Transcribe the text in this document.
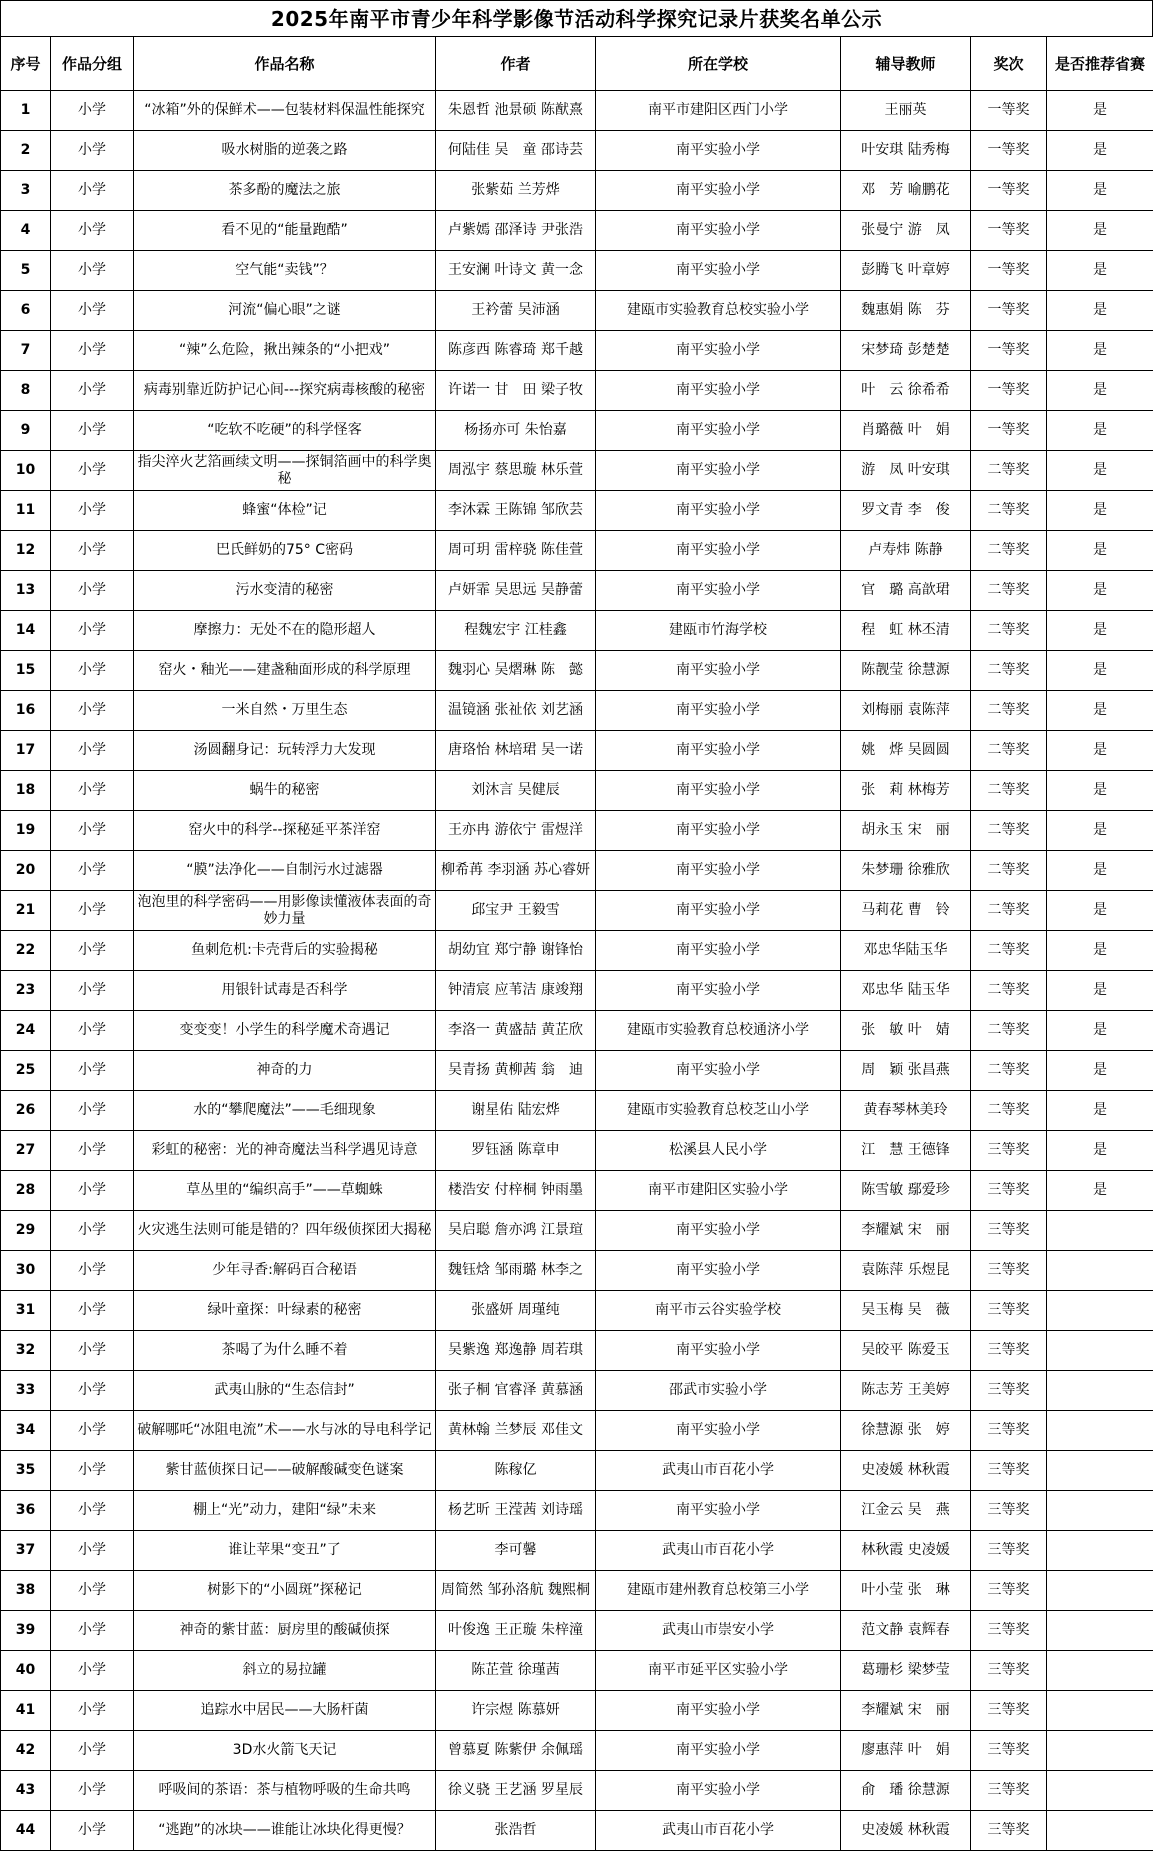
2025年南平市青少年科学影像节活动科学探究记录片获奖名单公示
序号	作品分组	作品名称	作者	所在学校	辅导教师	奖次	是否推荐省赛
1	小学	“冰箱”外的保鲜术——包装材料保温性能探究	朱恩哲 池景硕 陈猷熹	南平市建阳区西门小学	王丽英	一等奖	是
2	小学	吸水树脂的逆袭之路	何陆佳 吴　童 邵诗芸	南平实验小学	叶安琪 陆秀梅	一等奖	是
3	小学	茶多酚的魔法之旅	张紫茹 兰芳烨	南平实验小学	邓　芳 喻鹏花	一等奖	是
4	小学	看不见的“能量跑酷”	卢紫嫣 邵泽诗 尹张浩	南平实验小学	张曼宁 游　凤	一等奖	是
5	小学	空气能“卖钱”？	王安澜 叶诗文 黄一念	南平实验小学	彭腾飞 叶章婷	一等奖	是
6	小学	河流“偏心眼”之谜	王衿蕾 吴沛涵	建瓯市实验教育总校实验小学	魏惠娟 陈　芬	一等奖	是
7	小学	“辣”么危险，揪出辣条的“小把戏”	陈彦西 陈睿琦 郑千越	南平实验小学	宋梦琦 彭楚楚	一等奖	是
8	小学	病毒别靠近防护记心间---探究病毒核酸的秘密	许诺一 甘　田 梁子牧	南平实验小学	叶　云 徐希希	一等奖	是
9	小学	“吃软不吃硬”的科学怪客	杨扬亦可 朱怡嘉	南平实验小学	肖璐薇 叶　娟	一等奖	是
10	小学	指尖淬火艺箔画续文明——探铜箔画中的科学奥秘	周泓宇 蔡思璇 林乐萱	南平实验小学	游　凤 叶安琪	二等奖	是
11	小学	蜂蜜“体检”记	李沐霖 王陈锦 邹欣芸	南平实验小学	罗文青 李　俊	二等奖	是
12	小学	巴氏鲜奶的75° C密码	周可玥 雷梓骁 陈佳萱	南平实验小学	卢寿炜 陈静	二等奖	是
13	小学	污水变清的秘密	卢妍霏 吴思远 吴静蕾	南平实验小学	官　璐 高歆珺	二等奖	是
14	小学	摩擦力：无处不在的隐形超人	程魏宏宇 江桂鑫	建瓯市竹海学校	程　虹 林丕清	二等奖	是
15	小学	窑火・釉光——建盏釉面形成的科学原理	魏羽心 吴熠琳 陈　懿	南平实验小学	陈靓莹 徐慧源	二等奖	是
16	小学	一米自然・万里生态	温镜涵 张祉依 刘艺涵	南平实验小学	刘梅丽 袁陈萍	二等奖	是
17	小学	汤圆翻身记：玩转浮力大发现	唐珞怡 林培珺 吴一诺	南平实验小学	姚　烨 吴圆圆	二等奖	是
18	小学	蜗牛的秘密	刘沐言 吴健辰	南平实验小学	张　莉 林梅芳	二等奖	是
19	小学	窑火中的科学--探秘延平茶洋窑	王亦冉 游依宁 雷煜洋	南平实验小学	胡永玉 宋　丽	二等奖	是
20	小学	“膜”法净化——自制污水过滤器	柳希苒 李羽涵 苏心睿妍	南平实验小学	朱梦珊 徐雅欣	二等奖	是
21	小学	泡泡里的科学密码——用影像读懂液体表面的奇妙力量	邱宝尹 王毅雪	南平实验小学	马莉花 曹　铃	二等奖	是
22	小学	鱼刺危机:卡壳背后的实验揭秘	胡幼宜 郑宁静 谢锋怡	南平实验小学	邓忠华陆玉华	二等奖	是
23	小学	用银针试毒是否科学	钟清宸 应苇洁 康竣翔	南平实验小学	邓忠华 陆玉华	二等奖	是
24	小学	变变变！小学生的科学魔术奇遇记	李洛一 黄盛喆 黄芷欣	建瓯市实验教育总校通济小学	张　敏 叶　婧	二等奖	是
25	小学	神奇的力	吴青扬 黄柳茜 翁　迪	南平实验小学	周　颖 张昌燕	二等奖	是
26	小学	水的“攀爬魔法”——毛细现象	谢星佑 陆宏烨	建瓯市实验教育总校芝山小学	黄春琴林美玲	二等奖	是
27	小学	彩虹的秘密：光的神奇魔法当科学遇见诗意	罗钰涵 陈章申	松溪县人民小学	江　慧 王德锋	三等奖	是
28	小学	草丛里的“编织高手”——草蜘蛛	楼浩安 付梓桐 钟雨墨	南平市建阳区实验小学	陈雪敏 鄢爱珍	三等奖	是
29	小学	火灾逃生法则可能是错的？四年级侦探团大揭秘	吴启聪 詹亦鸿 江景瑄	南平实验小学	李耀斌 宋　丽	三等奖	
30	小学	少年寻香:解码百合秘语	魏钰焓 邹雨璐 林李之	南平实验小学	袁陈萍 乐煜昆	三等奖	
31	小学	绿叶童探：叶绿素的秘密	张盛妍 周瑾纯	南平市云谷实验学校	吴玉梅 吴　薇	三等奖	
32	小学	茶喝了为什么睡不着	吴紫逸 郑逸静 周若琪	南平实验小学	吴皎平 陈爱玉	三等奖	
33	小学	武夷山脉的“生态信封”	张子桐 官睿泽 黄慕涵	邵武市实验小学	陈志芳 王美婷	三等奖	
34	小学	破解哪吒“冰阻电流”术——水与冰的导电科学记	黄林翰 兰梦辰 邓佳文	南平实验小学	徐慧源 张　婷	三等奖	
35	小学	紫甘蓝侦探日记——破解酸碱变色谜案	陈稼亿	武夷山市百花小学	史凌媛 林秋霞	三等奖	
36	小学	棚上“光”动力，建阳“绿”未来	杨艺昕 王滢茜 刘诗瑶	南平实验小学	江金云 吴　燕	三等奖	
37	小学	谁让苹果“变丑”了	李可馨	武夷山市百花小学	林秋霞 史凌媛	三等奖	
38	小学	树影下的“小圆斑”探秘记	周简然 邹孙洛航 魏熙桐	建瓯市建州教育总校第三小学	叶小莹 张　琳	三等奖	
39	小学	神奇的紫甘蓝：厨房里的酸碱侦探	叶俊逸 王正璇 朱梓潼	武夷山市崇安小学	范文静 袁辉春	三等奖	
40	小学	斜立的易拉罐	陈芷萱 徐瑾茜	南平市延平区实验小学	葛珊杉 梁梦莹	三等奖	
41	小学	追踪水中居民——大肠杆菌	许宗煜 陈慕妍	南平实验小学	李耀斌 宋　丽	三等奖	
42	小学	3D水火箭飞天记	曾慕夏 陈紫伊 余佩瑶	南平实验小学	廖惠萍 叶　娟	三等奖	
43	小学	呼吸间的茶语：茶与植物呼吸的生命共鸣	徐义骁 王艺涵 罗星辰	南平实验小学	俞　璠 徐慧源	三等奖	
44	小学	“逃跑”的冰块——谁能让冰块化得更慢？	张浩哲	武夷山市百花小学	史凌媛 林秋霞	三等奖	
